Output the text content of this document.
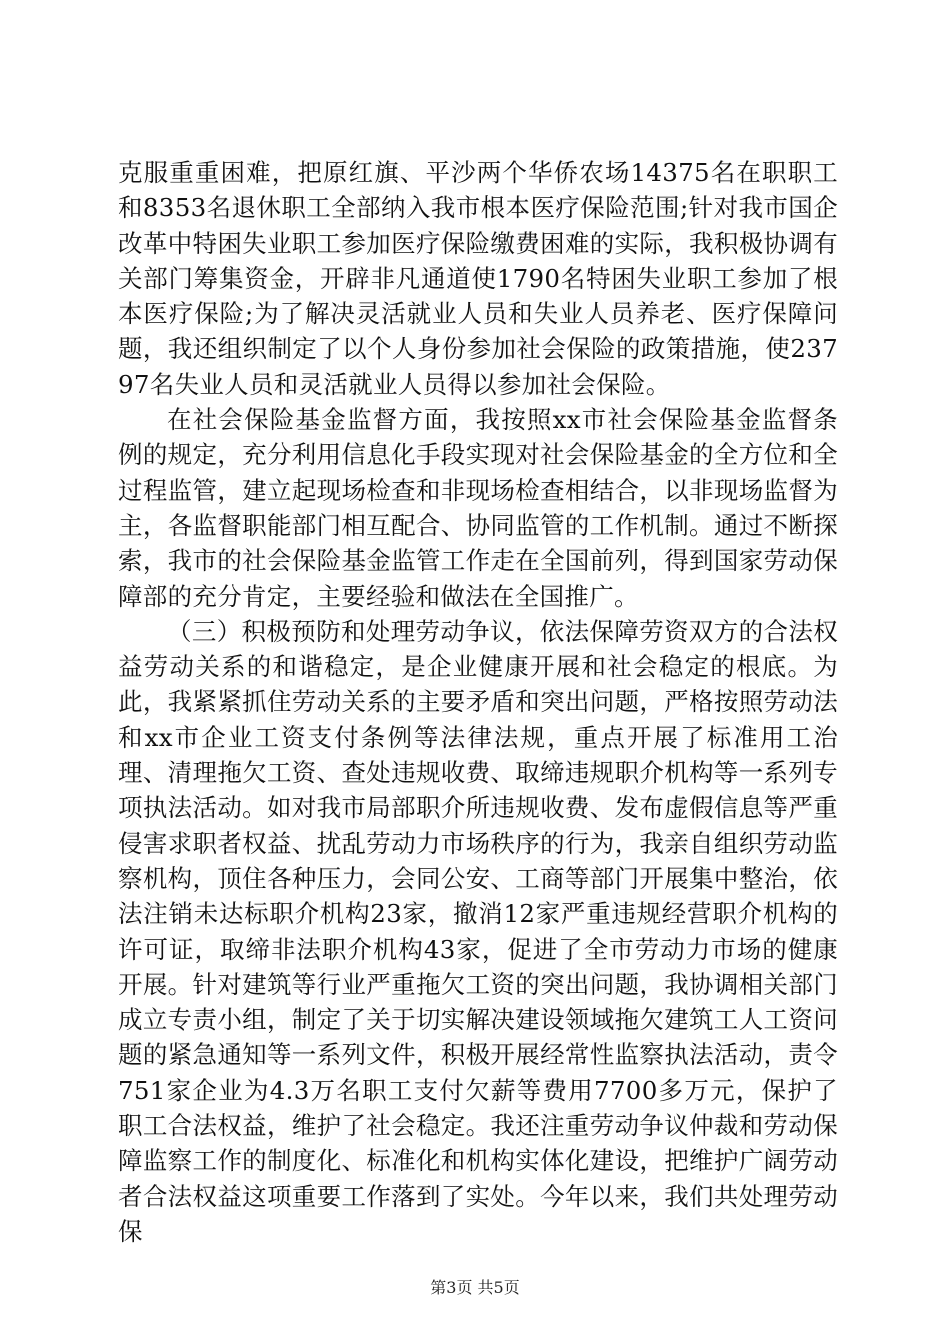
克服重重困难，把原红旗、平沙两个华侨农场14375名在职职工和8353名退休职工全部纳入我市根本医疗保险范围;针对我市国企改革中特困失业职工参加医疗保险缴费困难的实际，我积极协调有关部门筹集资金，开辟非凡通道使1790名特困失业职工参加了根本医疗保险;为了解决灵活就业人员和失业人员养老、医疗保障问题，我还组织制定了以个人身份参加社会保险的政策措施，使23797名失业人员和灵活就业人员得以参加社会保险。

在社会保险基金监督方面，我按照xx市社会保险基金监督条例的规定，充分利用信息化手段实现对社会保险基金的全方位和全过程监管，建立起现场检查和非现场检查相结合，以非现场监督为主，各监督职能部门相互配合、协同监管的工作机制。通过不断探索，我市的社会保险基金监管工作走在全国前列，得到国家劳动保障部的充分肯定，主要经验和做法在全国推广。

（三）积极预防和处理劳动争议，依法保障劳资双方的合法权益劳动关系的和谐稳定，是企业健康开展和社会稳定的根底。为此，我紧紧抓住劳动关系的主要矛盾和突出问题，严格按照劳动法和xx市企业工资支付条例等法律法规，重点开展了标准用工治理、清理拖欠工资、查处违规收费、取缔违规职介机构等一系列专项执法活动。如对我市局部职介所违规收费、发布虚假信息等严重侵害求职者权益、扰乱劳动力市场秩序的行为，我亲自组织劳动监察机构，顶住各种压力，会同公安、工商等部门开展集中整治，依法注销未达标职介机构23家，撤消12家严重违规经营职介机构的许可证，取缔非法职介机构43家，促进了全市劳动力市场的健康开展。针对建筑等行业严重拖欠工资的突出问题，我协调相关部门成立专责小组，制定了关于切实解决建设领域拖欠建筑工人工资问题的紧急通知等一系列文件，积极开展经常性监察执法活动，责令751家企业为4.3万名职工支付欠薪等费用7700多万元，保护了职工合法权益，维护了社会稳定。我还注重劳动争议仲裁和劳动保障监察工作的制度化、标准化和机构实体化建设，把维护广阔劳动者合法权益这项重要工作落到了实处。今年以来，我们共处理劳动保

第3页 共5页
